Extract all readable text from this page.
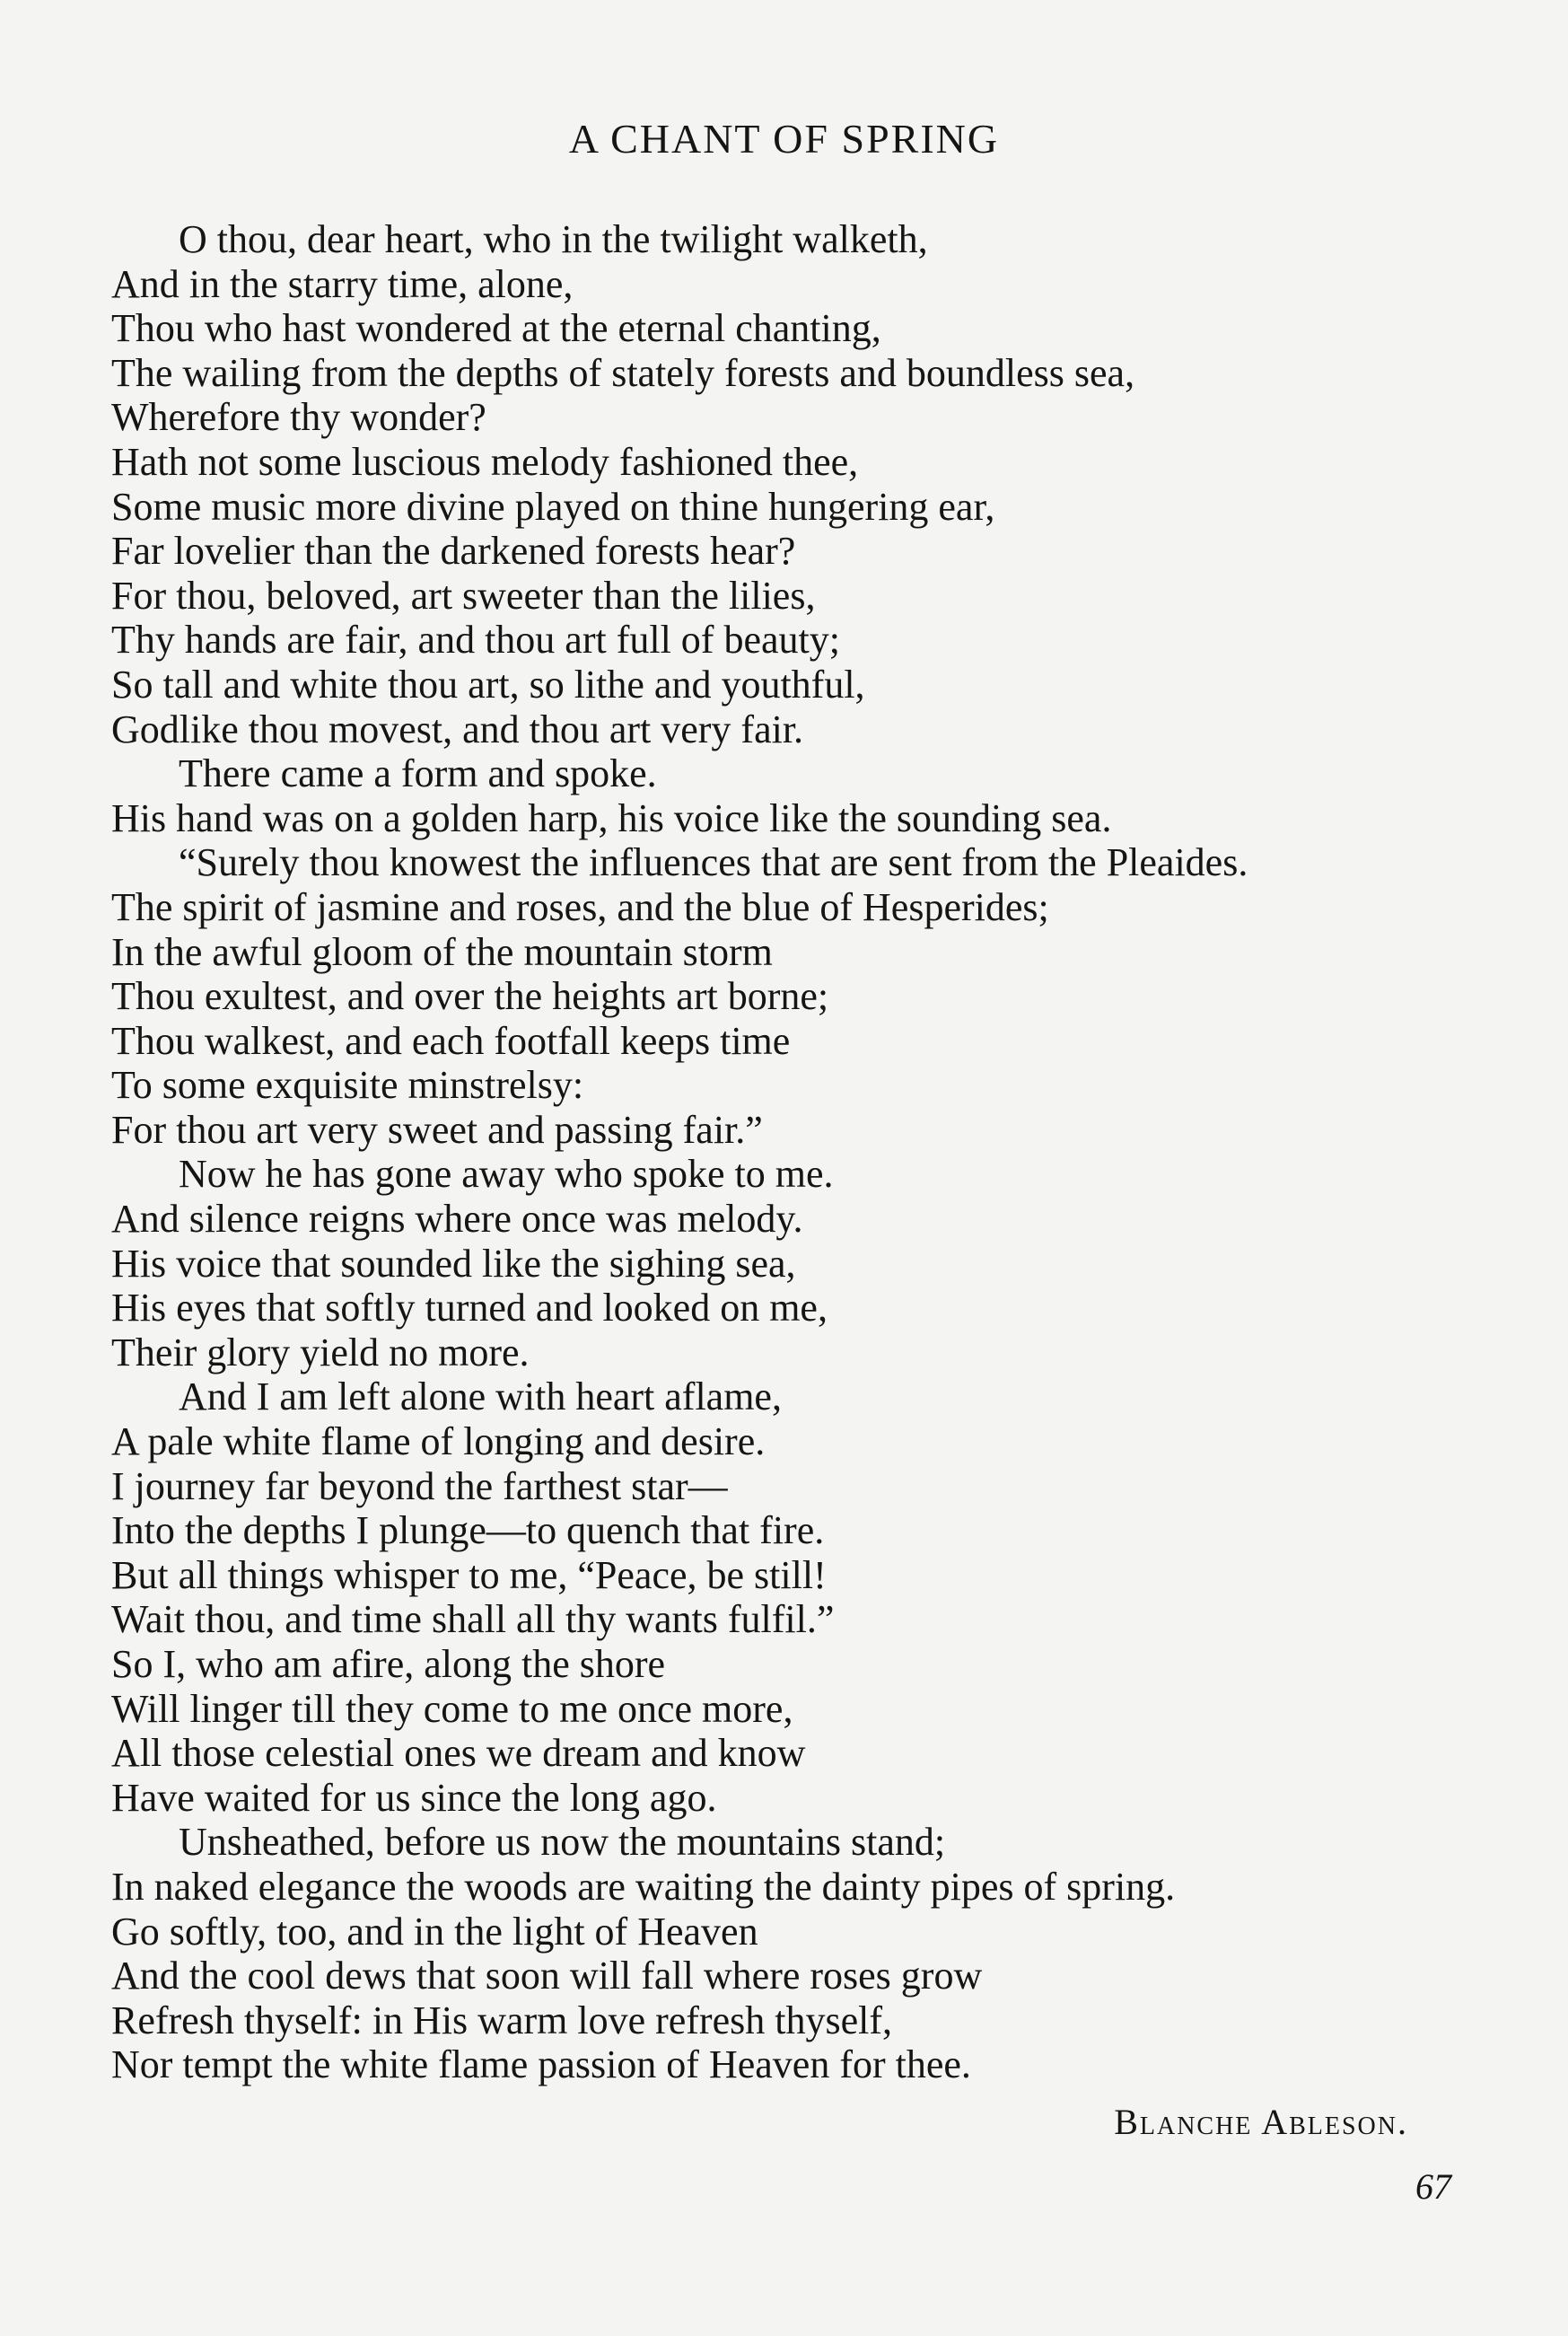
A CHANT OF SPRING
O thou, dear heart, who in the twilight walketh,
And in the starry time, alone,
Thou who hast wondered at the eternal chanting,
The wailing from the depths of stately forests and boundless sea,
Wherefore thy wonder?
Hath not some luscious melody fashioned thee,
Some music more divine played on thine hungering ear,
Far lovelier than the darkened forests hear?
For thou, beloved, art sweeter than the lilies,
Thy hands are fair, and thou art full of beauty;
So tall and white thou art, so lithe and youthful,
Godlike thou movest, and thou art very fair.
There came a form and spoke.
His hand was on a golden harp, his voice like the sounding sea.
“Surely thou knowest the influences that are sent from the Pleaides.
The spirit of jasmine and roses, and the blue of Hesperides;
In the awful gloom of the mountain storm
Thou exultest, and over the heights art borne;
Thou walkest, and each footfall keeps time
To some exquisite minstrelsy:
For thou art very sweet and passing fair.”
Now he has gone away who spoke to me.
And silence reigns where once was melody.
His voice that sounded like the sighing sea,
His eyes that softly turned and looked on me,
Their glory yield no more.
And I am left alone with heart aflame,
A pale white flame of longing and desire.
I journey far beyond the farthest star—
Into the depths I plunge—to quench that fire.
But all things whisper to me, “Peace, be still!
Wait thou, and time shall all thy wants fulfil.”
So I, who am afire, along the shore
Will linger till they come to me once more,
All those celestial ones we dream and know
Have waited for us since the long ago.
Unsheathed, before us now the mountains stand;
In naked elegance the woods are waiting the dainty pipes of spring.
Go softly, too, and in the light of Heaven
And the cool dews that soon will fall where roses grow
Refresh thyself: in His warm love refresh thyself,
Nor tempt the white flame passion of Heaven for thee.
Blanche Ableson.
67
